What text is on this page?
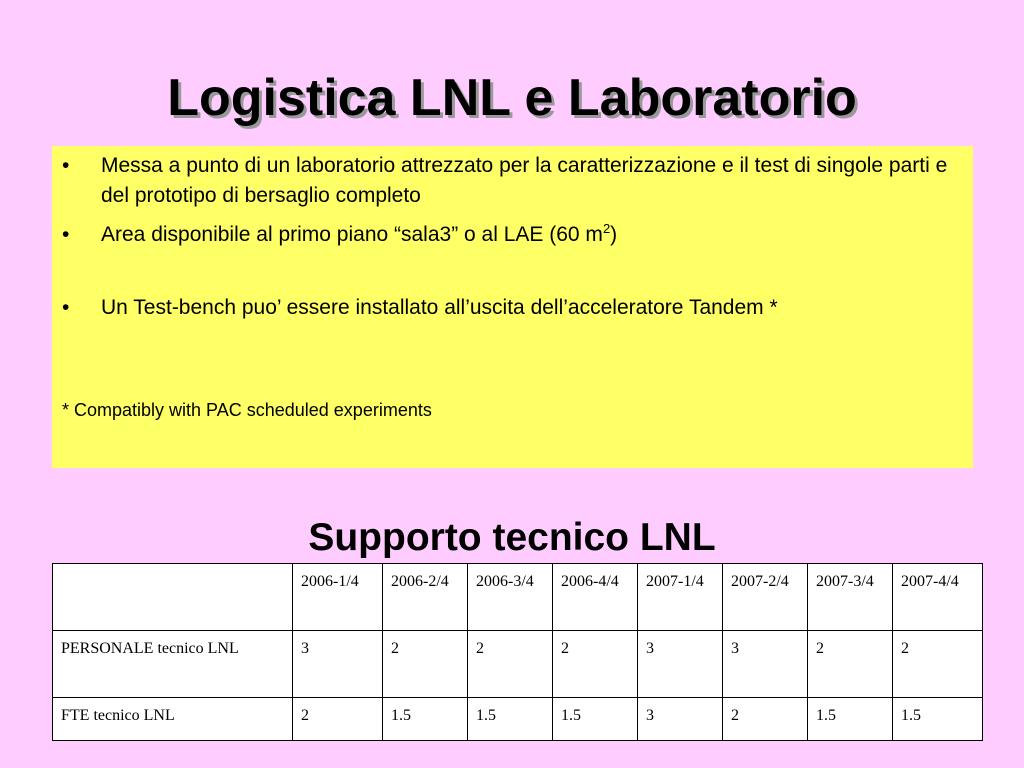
Logistica LNL e Laboratorio
•	Messa a punto di un laboratorio attrezzato per la caratterizzazione e il test di singole parti e del prototipo di bersaglio completo
•	Area disponibile al primo piano “sala3” o al LAE (60 $m^2$)
•	Un Test-bench puo’ essere installato all’uscita dell’acceleratore Tandem *
* Compatibly with PAC scheduled experiments
Supporto tecnico LNL
	2006-1/4	2006-2/4	2006-3/4	2006-4/4	2007-1/4	2007-2/4	2007-3/4	2007-4/4
PERSONALE tecnico LNL	3	2	2	2	3	3	2	2
FTE tecnico LNL	2	1.5	1.5	1.5	3	2	1.5	1.5
